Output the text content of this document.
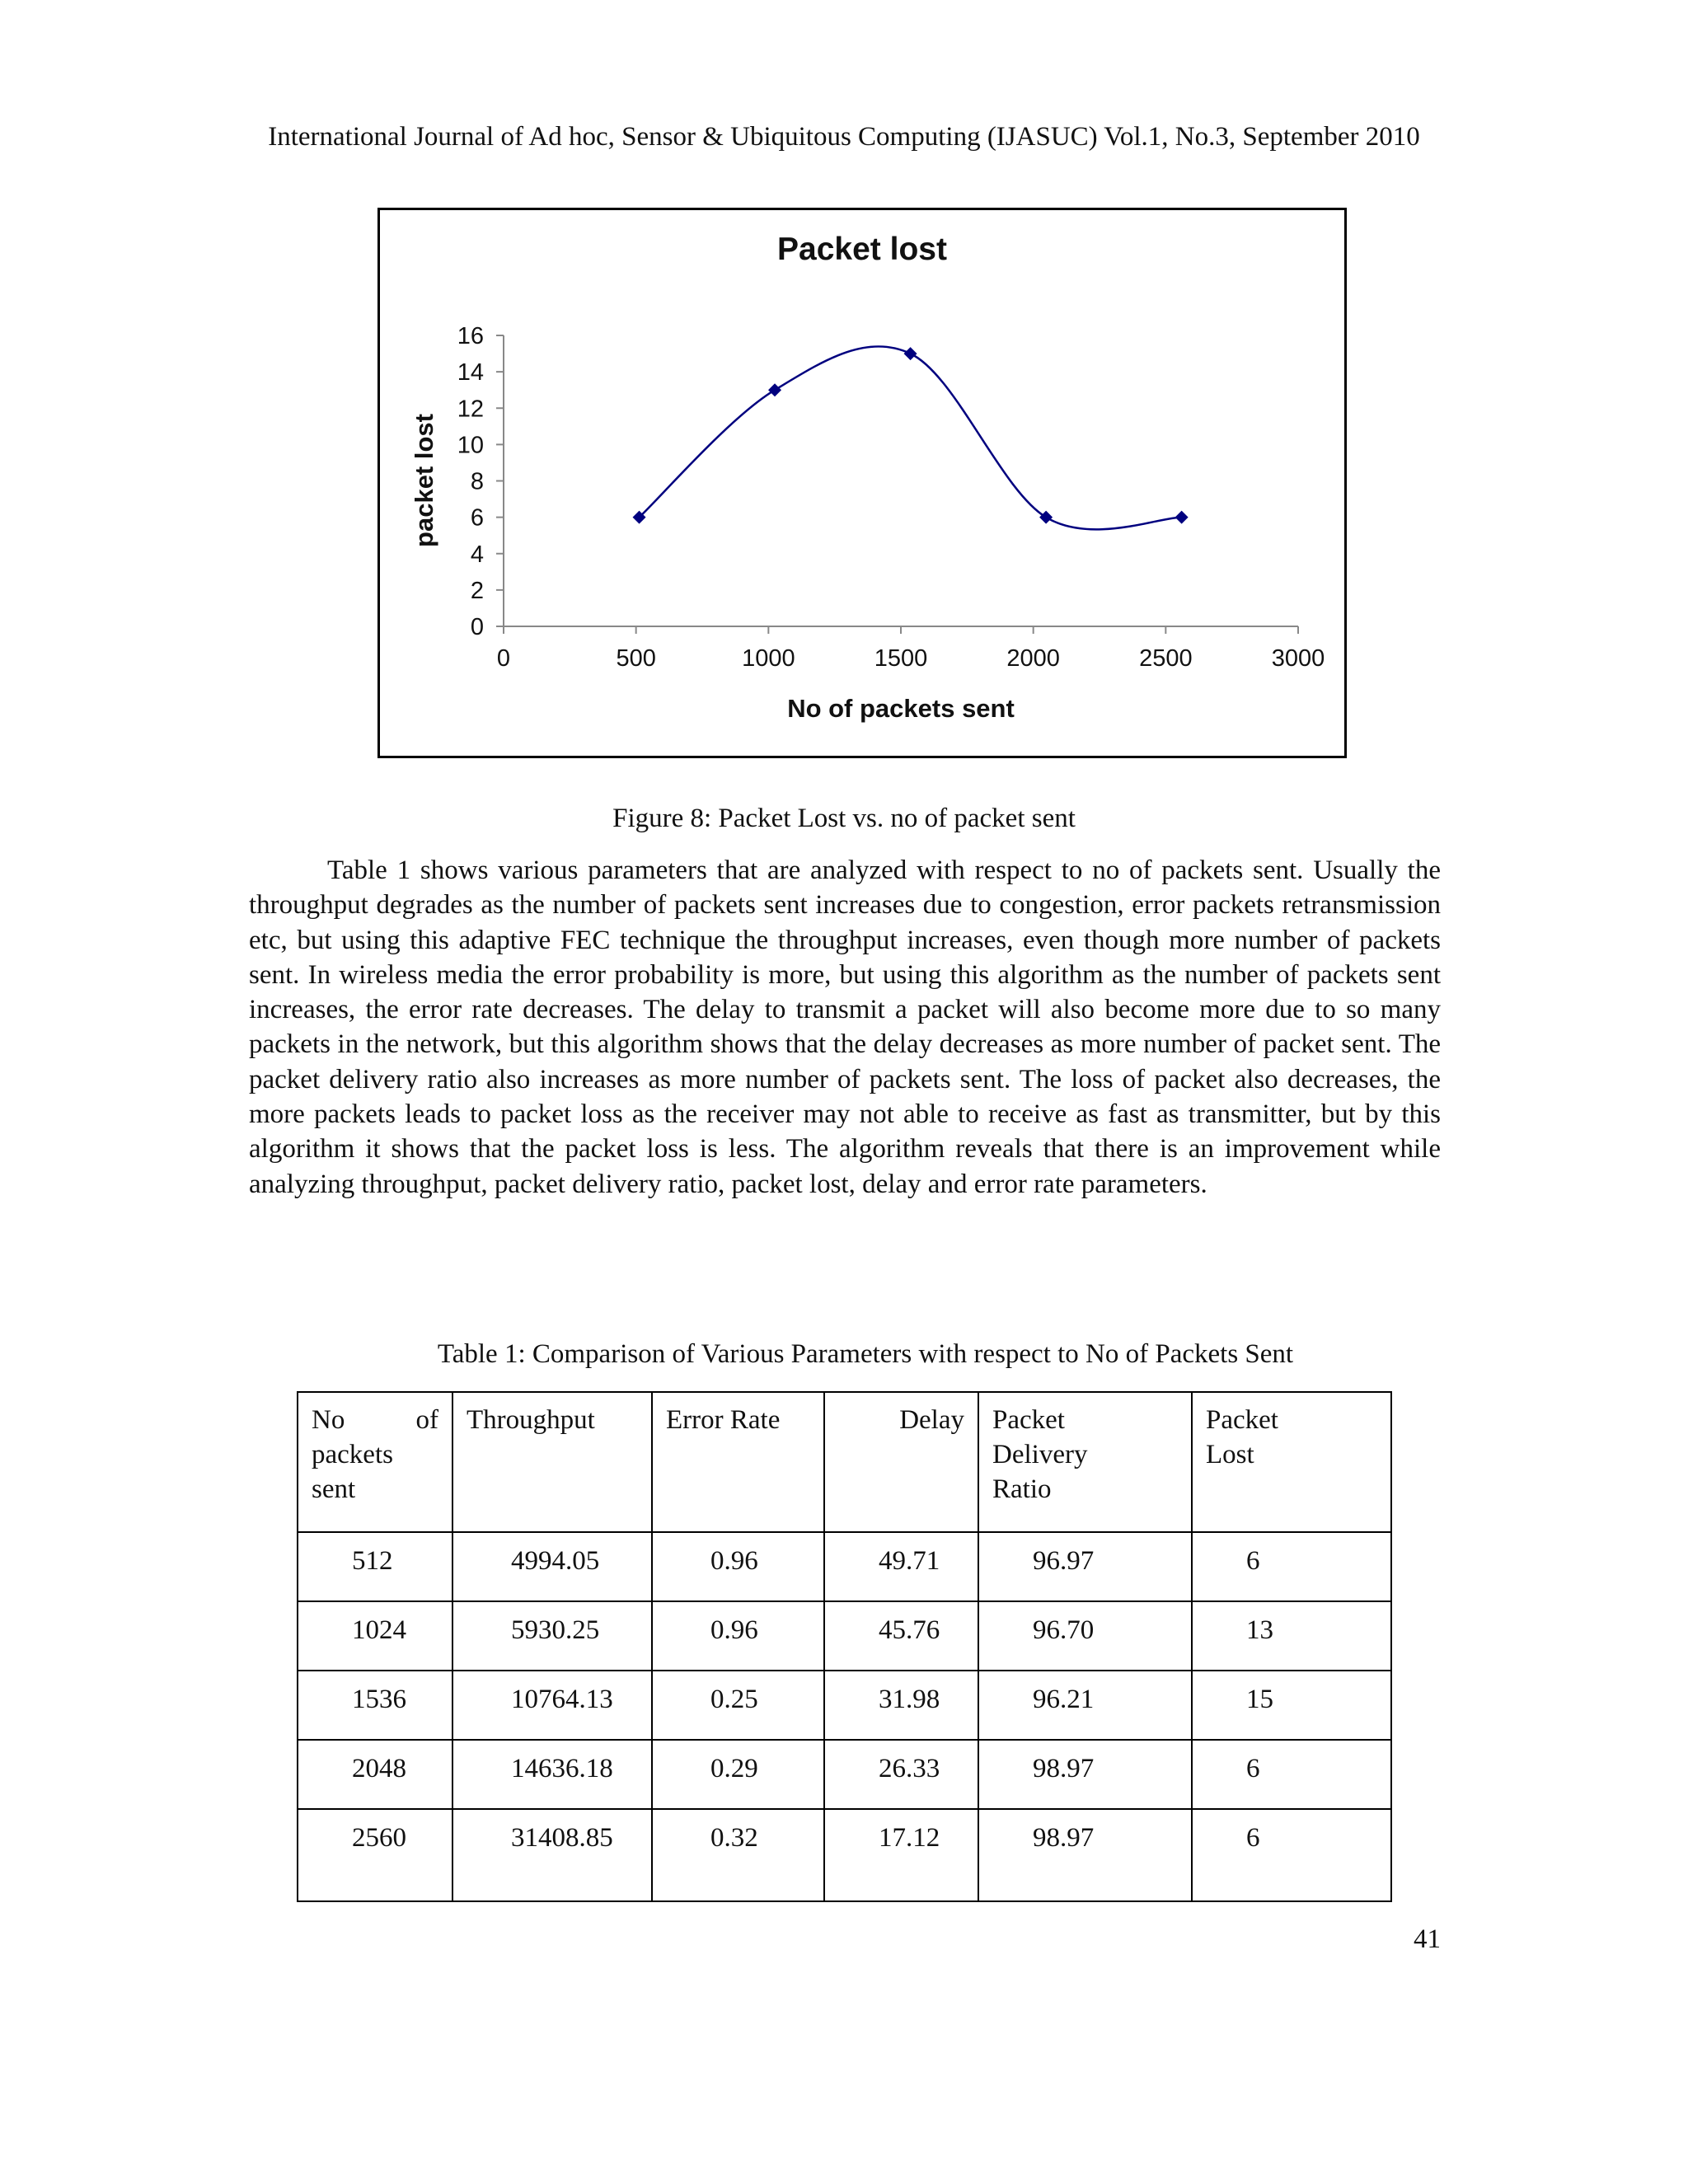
International Journal of Ad hoc, Sensor & Ubiquitous Computing (IJASUC) Vol.1, No.3, September 2010
Packet lost
0
2
4
6
8
10
12
14
16
0	500	1000	1500	2000	2500	3000
No of packets sent
packet lost
Figure 8: Packet Lost vs. no of packet sent

Table 1 shows various parameters that are analyzed with respect to no of packets sent. Usually the throughput degrades as the number of packets sent increases due to congestion, error packets retransmission etc, but using this adaptive FEC technique the throughput increases, even though more number of packets sent. In wireless media the error probability is more, but using this algorithm as the number of packets sent increases, the error rate decreases. The delay to transmit a packet will also become more due to so many packets in the network, but this algorithm shows that the delay decreases as more number of packet sent. The packet delivery ratio also increases as more number of packets sent. The loss of packet also decreases, the more packets leads to packet loss as the receiver may not able to receive as fast as transmitter, but by this algorithm it shows that the packet loss is less. The algorithm reveals that there is an improvement while analyzing throughput, packet delivery ratio, packet lost, delay and error rate parameters.

Table 1: Comparison of Various Parameters with respect to No of Packets Sent
No of packets sent	Throughput	Error Rate	Delay	Packet Delivery Ratio	Packet Lost

512	4994.05	0.96	49.71	96.97	6
1024	5930.25	0.96	45.76	96.70	13
1536	10764.13	0.25	31.98	96.21	15
2048	14636.18	0.29	26.33	98.97	6
2560	31408.85	0.32	17.12	98.97	6
41
